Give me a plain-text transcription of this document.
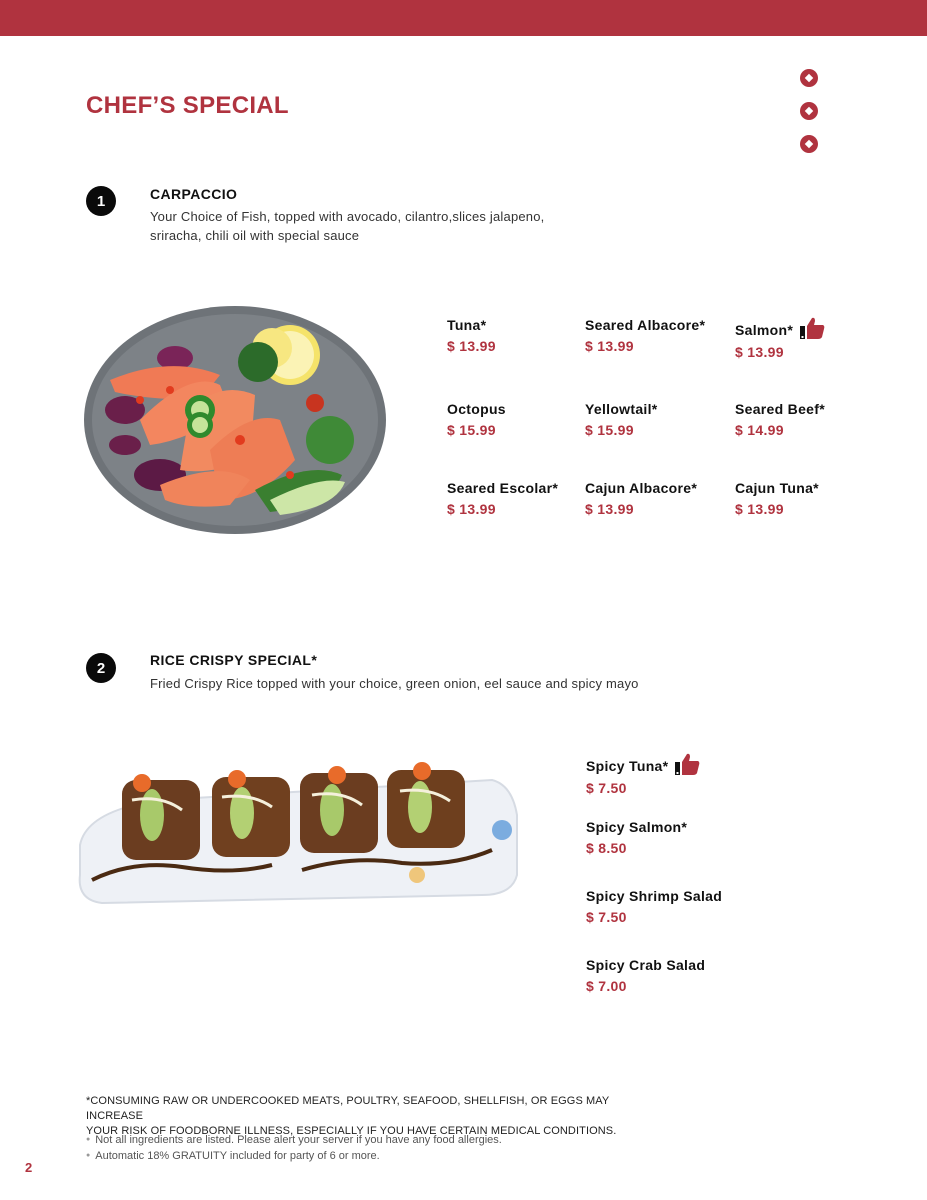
CHEF’S SPECIAL
1	CARPACCIO
Your Choice of Fish, topped with avocado, cilantro,slices jalapeno,
sriracha, chili oil with special sauce
Tuna*
$ 13.99
Seared Albacore*
$ 13.99
Salmon*
$ 13.99
Octopus
$ 15.99
Yellowtail*
$ 15.99
Seared Beef*
$ 14.99
Seared Escolar*
$ 13.99
Cajun Albacore*
$ 13.99
Cajun Tuna*
$ 13.99
2	RICE CRISPY SPECIAL*
Fried Crispy Rice topped with your choice, green onion, eel sauce and spicy mayo
Spicy Tuna*
$ 7.50
Spicy Salmon*
$ 8.50
Spicy Shrimp Salad
$ 7.50
Spicy Crab Salad
$ 7.00
*CONSUMING RAW OR UNDERCOOKED MEATS, POULTRY, SEAFOOD, SHELLFISH, OR EGGS MAY INCREASE
YOUR RISK OF FOODBORNE ILLNESS, ESPECIALLY IF YOU HAVE CERTAIN MEDICAL CONDITIONS.
● Not all ingredients are listed. Please alert your server if you have any food allergies.
● Automatic 18% GRATUITY included for party of 6 or more.
2
